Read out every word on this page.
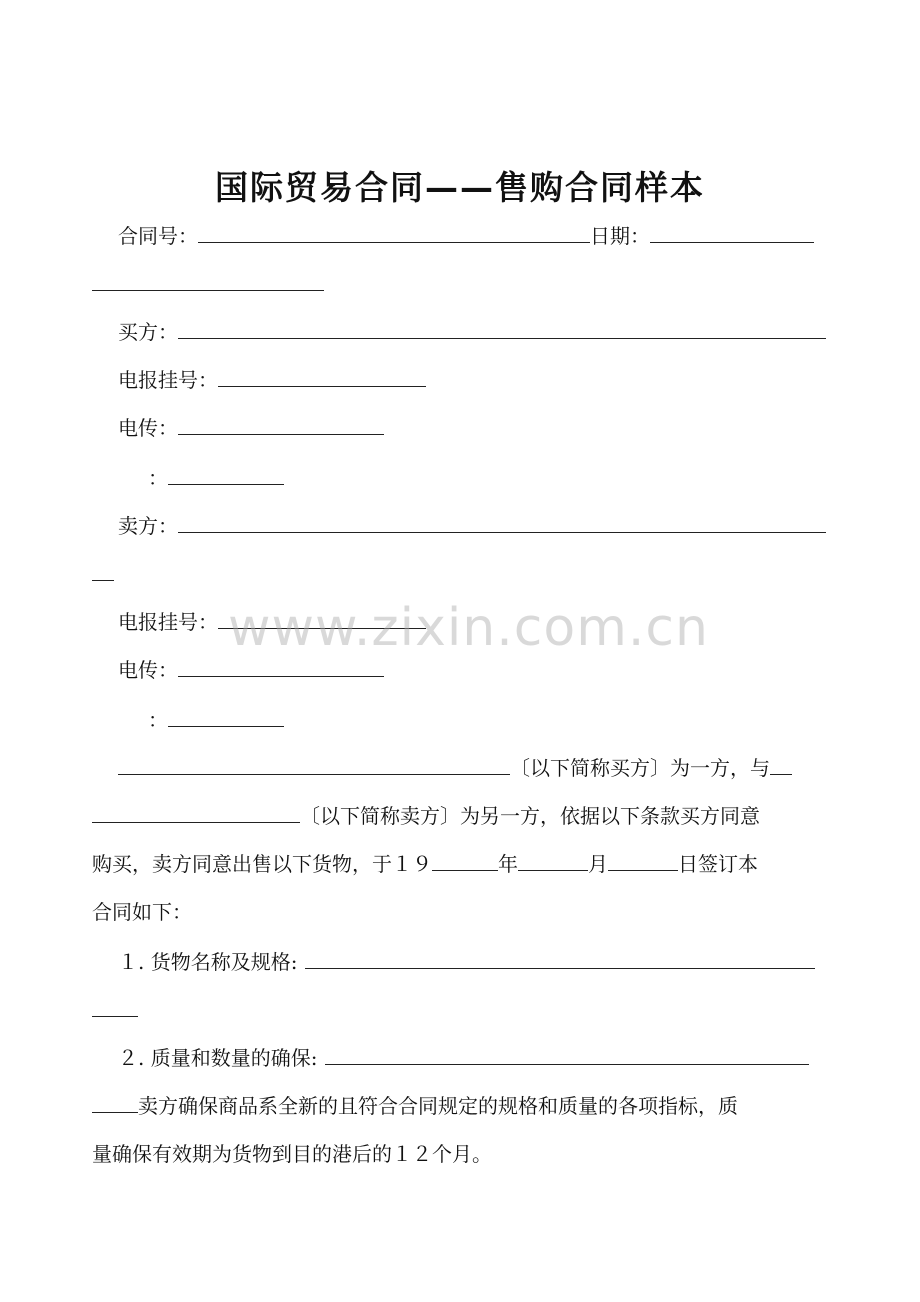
国际贸易合同——售购合同样本
合同号：	日期：
买方：
电报挂号：
电传：
：
卖方：
电报挂号：
电传：
：
〔以下简称买方〕为一方，与
〔以下简称卖方〕为另一方，依据以下条款买方同意
购买，卖方同意出售以下货物，于１９	年	月	日签订本
合同如下：
１. 货物名称及规格:
２. 质量和数量的确保:
卖方确保商品系全新的且符合合同规定的规格和质量的各项指标，质
量确保有效期为货物到目的港后的１２个月。
www.zixin.com.cn
